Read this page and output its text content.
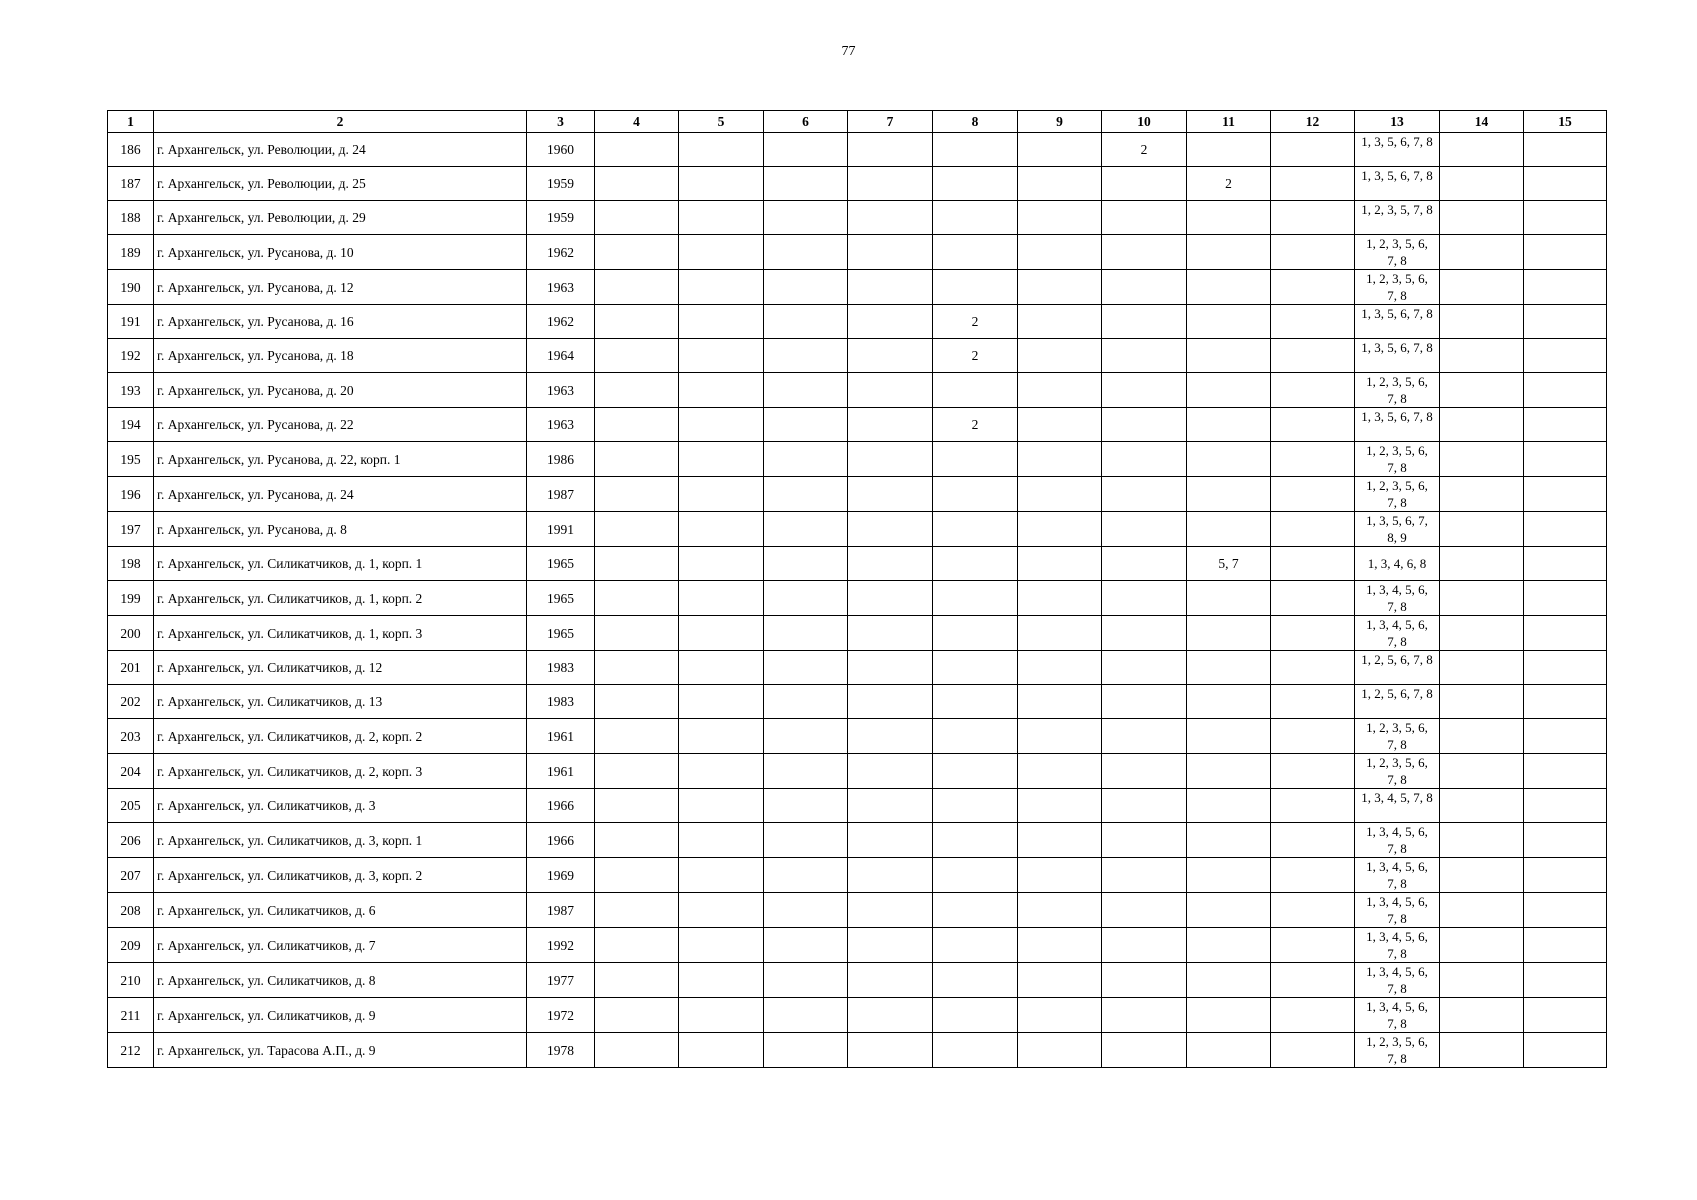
77
1	2	3	4	5	6	7	8	9	10	11	12	13	14	15
186	г. Архангельск, ул. Революции, д. 24	1960							2			1, 3, 5, 6, 7, 8		
187	г. Архангельск, ул. Революции, д. 25	1959								2		1, 3, 5, 6, 7, 8		
188	г. Архангельск, ул. Революции, д. 29	1959										1, 2, 3, 5, 7, 8		
189	г. Архангельск, ул. Русанова, д. 10	1962										1, 2, 3, 5, 6, 7, 8		
190	г. Архангельск, ул. Русанова, д. 12	1963										1, 2, 3, 5, 6, 7, 8		
191	г. Архангельск, ул. Русанова, д. 16	1962					2					1, 3, 5, 6, 7, 8		
192	г. Архангельск, ул. Русанова, д. 18	1964					2					1, 3, 5, 6, 7, 8		
193	г. Архангельск, ул. Русанова, д. 20	1963										1, 2, 3, 5, 6, 7, 8		
194	г. Архангельск, ул. Русанова, д. 22	1963					2					1, 3, 5, 6, 7, 8		
195	г. Архангельск, ул. Русанова, д. 22, корп. 1	1986										1, 2, 3, 5, 6, 7, 8		
196	г. Архангельск, ул. Русанова, д. 24	1987										1, 2, 3, 5, 6, 7, 8		
197	г. Архангельск, ул. Русанова, д. 8	1991										1, 3, 5, 6, 7, 8, 9		
198	г. Архангельск, ул. Силикатчиков, д. 1, корп. 1	1965								5, 7		1, 3, 4, 6, 8		
199	г. Архангельск, ул. Силикатчиков, д. 1, корп. 2	1965										1, 3, 4, 5, 6, 7, 8		
200	г. Архангельск, ул. Силикатчиков, д. 1, корп. 3	1965										1, 3, 4, 5, 6, 7, 8		
201	г. Архангельск, ул. Силикатчиков, д. 12	1983										1, 2, 5, 6, 7, 8		
202	г. Архангельск, ул. Силикатчиков, д. 13	1983										1, 2, 5, 6, 7, 8		
203	г. Архангельск, ул. Силикатчиков, д. 2, корп. 2	1961										1, 2, 3, 5, 6, 7, 8		
204	г. Архангельск, ул. Силикатчиков, д. 2, корп. 3	1961										1, 2, 3, 5, 6, 7, 8		
205	г. Архангельск, ул. Силикатчиков, д. 3	1966										1, 3, 4, 5, 7, 8		
206	г. Архангельск, ул. Силикатчиков, д. 3, корп. 1	1966										1, 3, 4, 5, 6, 7, 8		
207	г. Архангельск, ул. Силикатчиков, д. 3, корп. 2	1969										1, 3, 4, 5, 6, 7, 8		
208	г. Архангельск, ул. Силикатчиков, д. 6	1987										1, 3, 4, 5, 6, 7, 8		
209	г. Архангельск, ул. Силикатчиков, д. 7	1992										1, 3, 4, 5, 6, 7, 8		
210	г. Архангельск, ул. Силикатчиков, д. 8	1977										1, 3, 4, 5, 6, 7, 8		
211	г. Архангельск, ул. Силикатчиков, д. 9	1972										1, 3, 4, 5, 6, 7, 8		
212	г. Архангельск, ул. Тарасова А.П., д. 9	1978										1, 2, 3, 5, 6, 7, 8		
